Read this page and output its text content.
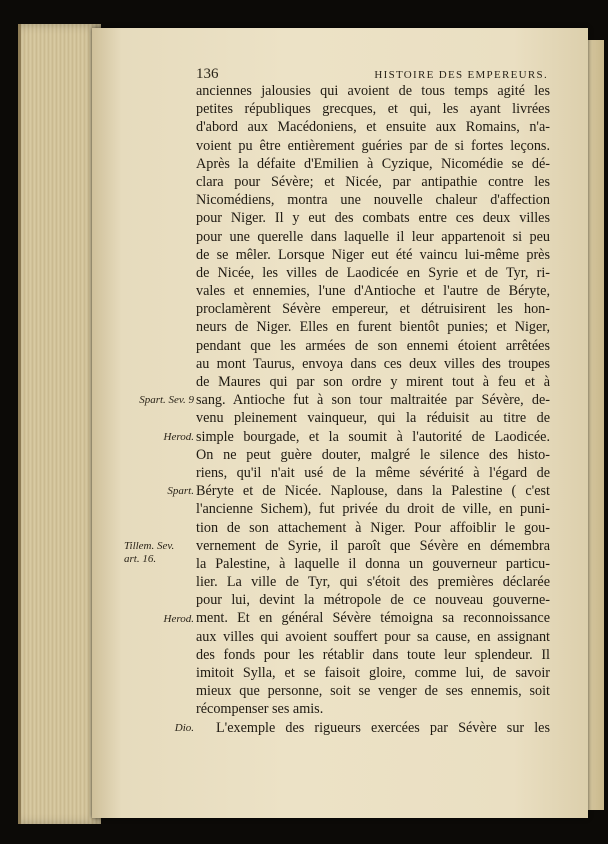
136	HISTOIRE DES EMPEREURS.
anciennes jalousies qui avoient de tous temps agité les
petites républiques grecques, et qui, les ayant livrées
d'abord aux Macédoniens, et ensuite aux Romains, n'a-
voient pu être entièrement guéries par de si fortes leçons.
Après la défaite d'Emilien à Cyzique, Nicomédie se dé-
clara pour Sévère; et Nicée, par antipathie contre les
Nicomédiens, montra une nouvelle chaleur d'affection
pour Niger. Il y eut des combats entre ces deux villes
pour une querelle dans laquelle il leur appartenoit si peu
de se mêler. Lorsque Niger eut été vaincu lui-même près
de Nicée, les villes de Laodicée en Syrie et de Tyr, ri-
vales et ennemies, l'une d'Antioche et l'autre de Béryte,
proclamèrent Sévère empereur, et détruisirent les hon-
neurs de Niger. Elles en furent bientôt punies; et Niger,
pendant que les armées de son ennemi étoient arrêtées
au mont Taurus, envoya dans ces deux villes des troupes
de Maures qui par son ordre y mirent tout à feu et à
sang. Antioche fut à son tour maltraitée par Sévère, de-
venu pleinement vainqueur, qui la réduisit au titre de
simple bourgade, et la soumit à l'autorité de Laodicée.
On ne peut guère douter, malgré le silence des histo-
riens, qu'il n'ait usé de la même sévérité à l'égard de
Béryte et de Nicée. Naplouse, dans la Palestine ( c'est
l'ancienne Sichem), fut privée du droit de ville, en puni-
tion de son attachement à Niger. Pour affoiblir le gou-
vernement de Syrie, il paroît que Sévère en démembra
la Palestine, à laquelle il donna un gouverneur particu-
lier. La ville de Tyr, qui s'étoit des premières déclarée
pour lui, devint la métropole de ce nouveau gouverne-
ment. Et en général Sévère témoigna sa reconnoissance
aux villes qui avoient souffert pour sa cause, en assignant
des fonds pour les rétablir dans toute leur splendeur. Il
imitoit Sylla, et se faisoit gloire, comme lui, de savoir
mieux que personne, soit se venger de ses ennemis, soit
récompenser ses amis.
L'exemple des rigueurs exercées par Sévère sur les
Spart. Sev. 9
Herod.
Spart.
Tillem. Sev.
art. 16.
Herod.
Dio.
